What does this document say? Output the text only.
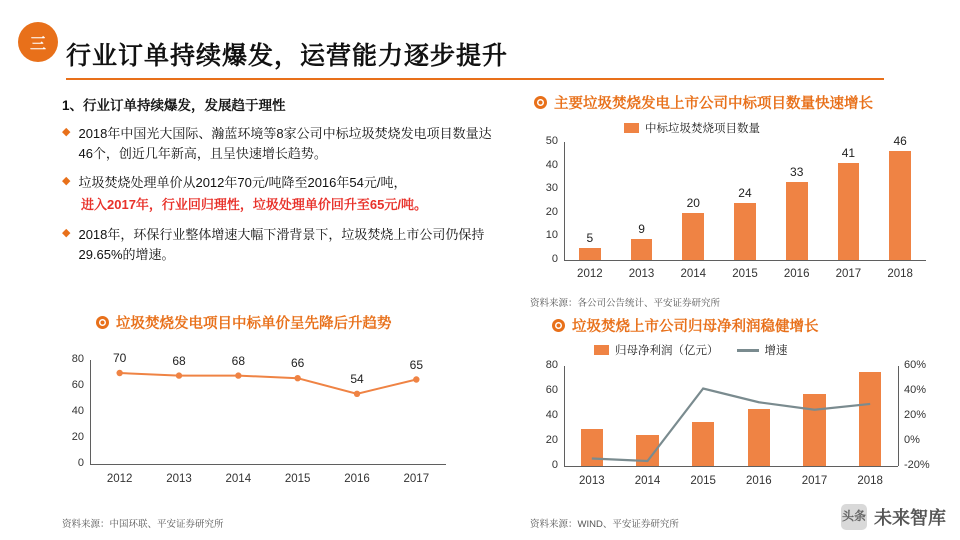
三 行业订单持续爆发，运营能力逐步提升
1、行业订单持续爆发，发展趋于理性
◆ 2018年中国光大国际、瀚蓝环境等8家公司中标垃圾焚烧发电项目数量达46个，创近几年新高，且呈快速增长趋势。
◆ 垃圾焚烧处理单价从2012年70元/吨降至2016年54元/吨，
进入2017年，行业回归理性，垃圾处理单价回升至65元/吨。
◆ 2018年，环保行业整体增速大幅下滑背景下，垃圾焚烧上市公司仍保持29.65%的增速。
主要垃圾焚烧发电上市公司中标项目数量快速增长
中标垃圾焚烧项目数量
0
10
20
30
40
50
5
2012
9
2013
20
2014
24
2015
33
2016
41
2017
46
2018
资料来源：各公司公告统计、平安证券研究所
垃圾焚烧发电项目中标单价呈先降后升趋势
0
20
40
60
80	70
2012
68
2013
68
2014
66
2015
54
2016
65
2017
资料来源：中国环联、平安证券研究所
垃圾焚烧上市公司归母净利润稳健增长
归母净利润（亿元）	增速
0
20
40
60
80
-20%
0%
20%
40%
60%
2013	2014	2015	2016	2017	2018
资料来源：WIND、平安证券研究所
头条 未来智库
